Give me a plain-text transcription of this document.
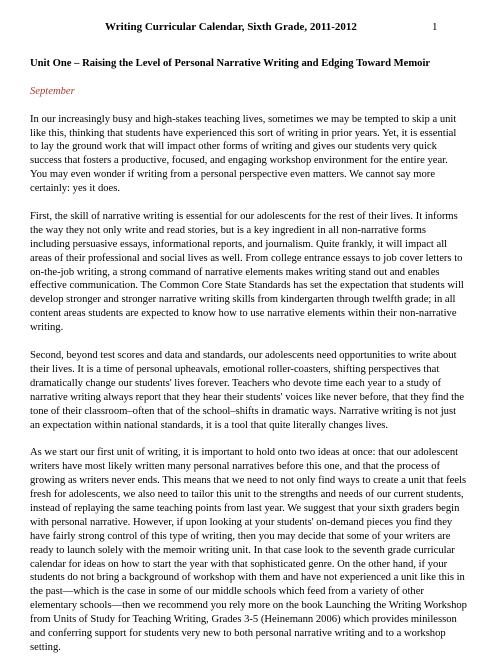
Writing Curricular Calendar, Sixth Grade, 2011-2012	1

Unit One – Raising the Level of Personal Narrative Writing and Edging Toward Memoir

September

In our increasingly busy and high-stakes teaching lives, sometimes we may be tempted to skip a unit like this, thinking that students have experienced this sort of writing in prior years. Yet, it is essential to lay the ground work that will impact other forms of writing and gives our students very quick success that fosters a productive, focused, and engaging workshop environment for the entire year. You may even wonder if writing from a personal perspective even matters. We cannot say more certainly: yes it does.

First, the skill of narrative writing is essential for our adolescents for the rest of their lives. It informs the way they not only write and read stories, but is a key ingredient in all non-narrative forms including persuasive essays, informational reports, and journalism. Quite frankly, it will impact all areas of their professional and social lives as well. From college entrance essays to job cover letters to on-the-job writing, a strong command of narrative elements makes writing stand out and enables effective communication. The Common Core State Standards has set the expectation that students will develop stronger and stronger narrative writing skills from kindergarten through twelfth grade; in all content areas students are expected to know how to use narrative elements within their non-narrative writing.

Second, beyond test scores and data and standards, our adolescents need opportunities to write about their lives. It is a time of personal upheavals, emotional roller-coasters, shifting perspectives that dramatically change our students' lives forever. Teachers who devote time each year to a study of narrative writing always report that they hear their students' voices like never before, that they find the tone of their classroom–often that of the school–shifts in dramatic ways. Narrative writing is not just an expectation within national standards, it is a tool that quite literally changes lives.

As we start our first unit of writing, it is important to hold onto two ideas at once: that our adolescent writers have most likely written many personal narratives before this one, and that the process of growing as writers never ends. This means that we need to not only find ways to create a unit that feels fresh for adolescents, we also need to tailor this unit to the strengths and needs of our current students, instead of replaying the same teaching points from last year. We suggest that your sixth graders begin with personal narrative. However, if upon looking at your students' on-demand pieces you find they have fairly strong control of this type of writing, then you may decide that some of your writers are ready to launch solely with the memoir writing unit. In that case look to the seventh grade curricular calendar for ideas on how to start the year with that sophisticated genre. On the other hand, if your students do not bring a background of workshop with them and have not experienced a unit like this in the past—which is the case in some of our middle schools which feed from a variety of other elementary schools—then we recommend you rely more on the book Launching the Writing Workshop from Units of Study for Teaching Writing, Grades 3-5 (Heinemann 2006) which provides minilesson and conferring support for students very new to both personal narrative writing and to a workshop setting.
